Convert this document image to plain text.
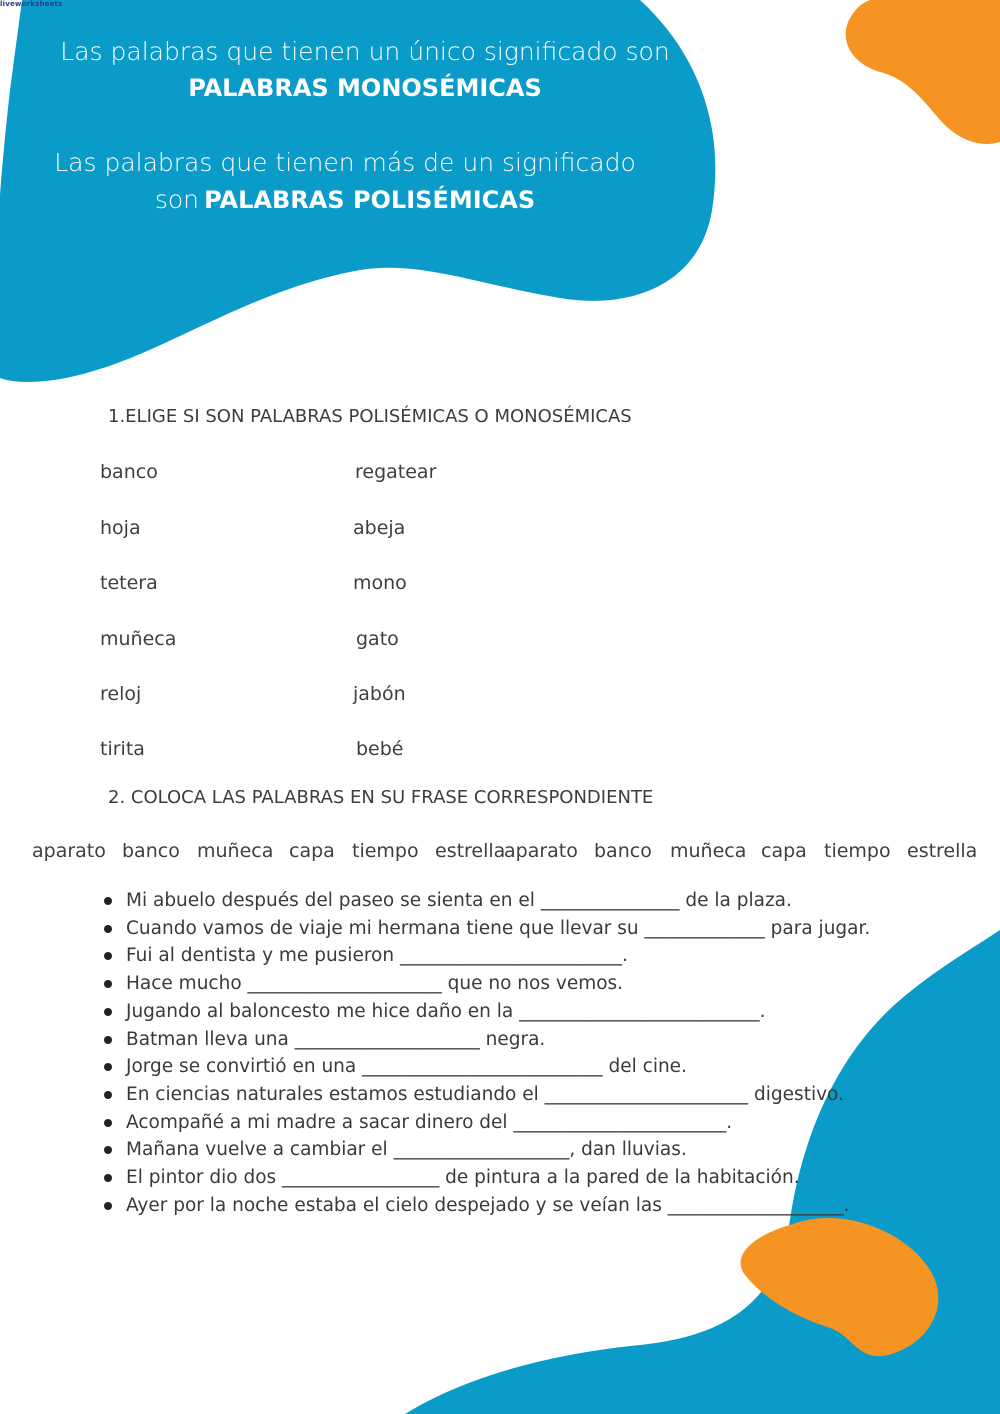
liveworksheets
Las palabras que tienen un único significado son
PALABRAS MONOSÉMICAS
Las palabras que tienen más de un significado
son PALABRAS POLISÉMICAS
1.ELIGE SI SON PALABRAS POLISÉMICAS O MONOSÉMICAS
banco
hoja
tetera
muñeca
reloj
tirita
regatear
abeja
mono
gato
jabón
bebé
2. COLOCA LAS PALABRAS EN SU FRASE CORRESPONDIENTE
aparato banco muñeca capa tiempo estrella
aparato banco muñeca capa tiempo estrella
Mi abuelo después del paseo se sienta en el _______________ de la plaza.
Cuando vamos de viaje mi hermana tiene que llevar su _____________ para jugar.
Fui al dentista y me pusieron ________________________.
Hace mucho _____________________ que no nos vemos.
Jugando al baloncesto me hice daño en la __________________________.
Batman lleva una ____________________ negra.
Jorge se convirtió en una __________________________ del cine.
En ciencias naturales estamos estudiando el ______________________ digestivo.
Acompañé a mi madre a sacar dinero del _______________________.
Mañana vuelve a cambiar el ___________________, dan lluvias.
El pintor dio dos _________________ de pintura a la pared de la habitación.
Ayer por la noche estaba el cielo despejado y se veían las ___________________.
